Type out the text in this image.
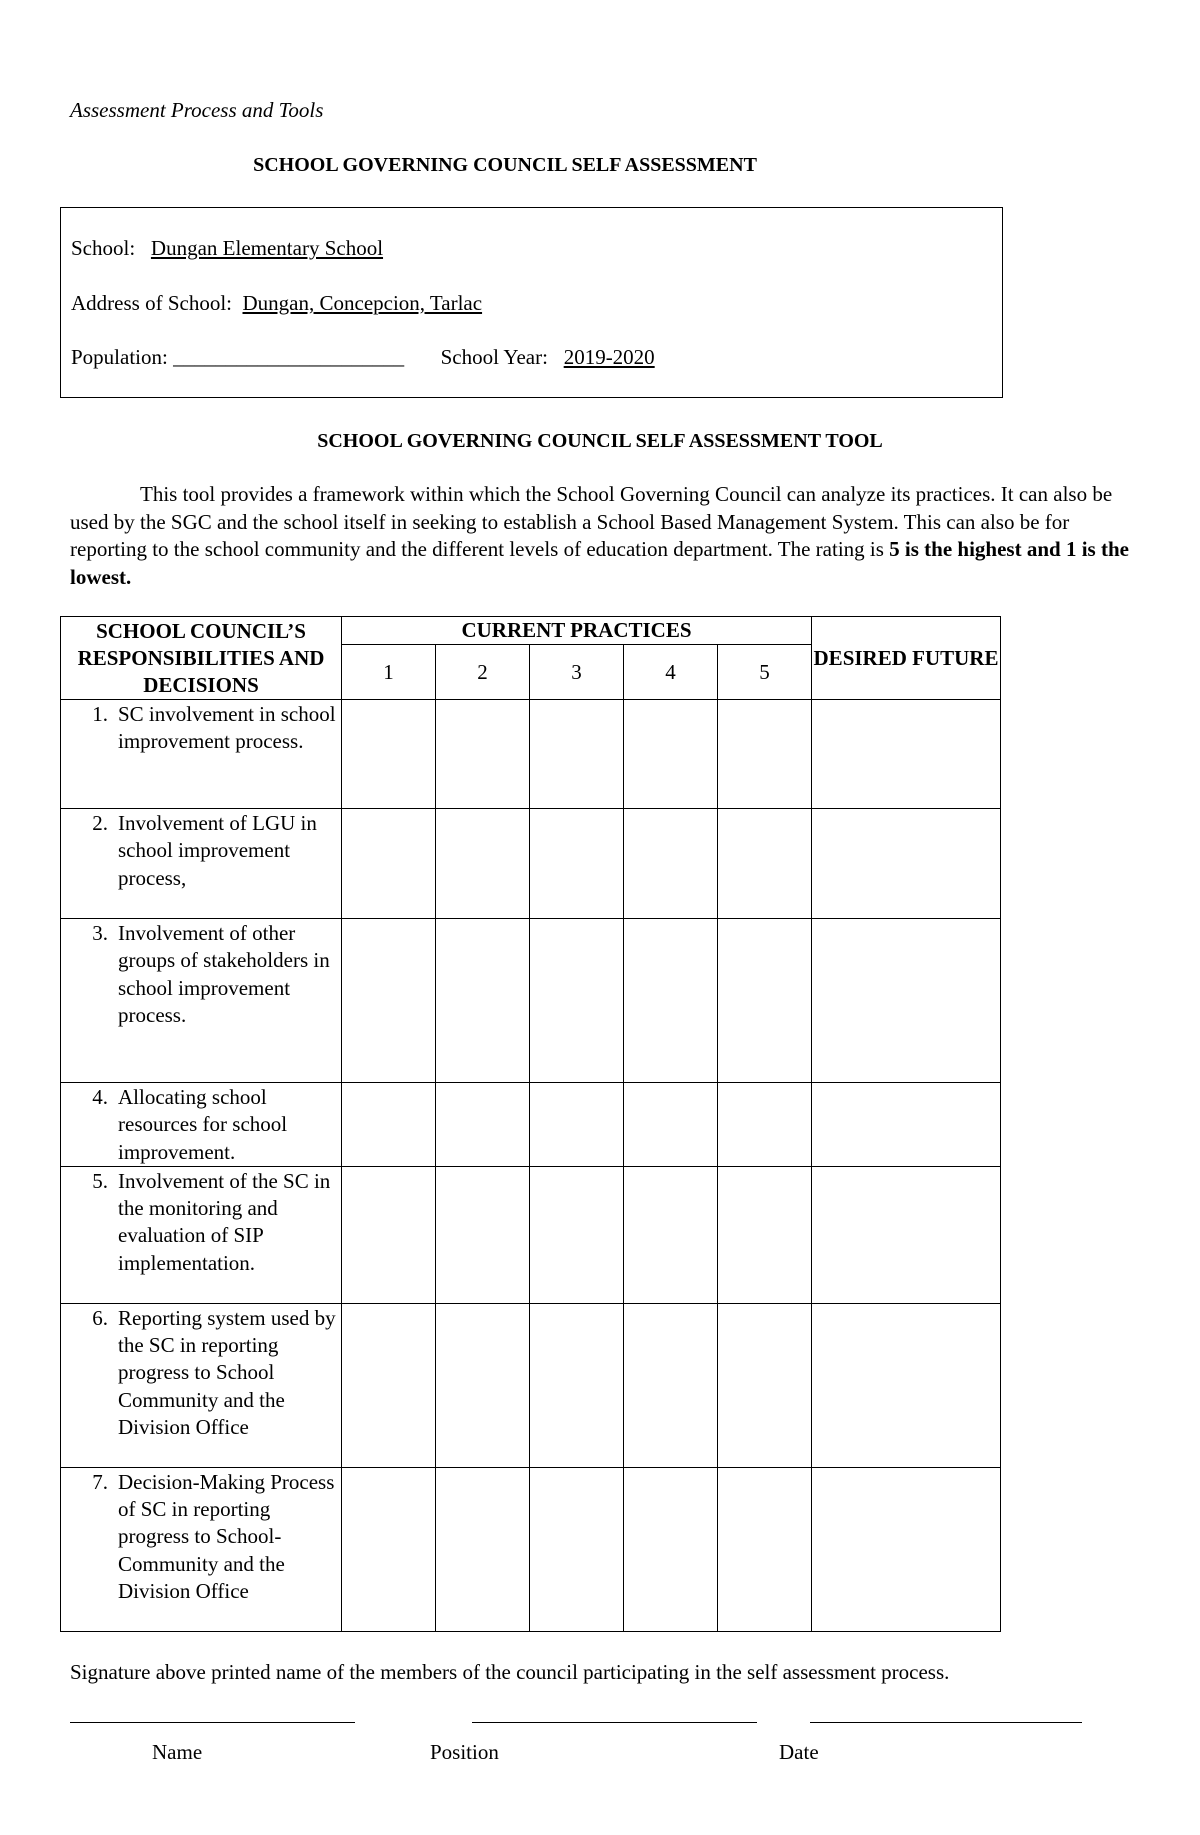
Assessment Process and Tools
SCHOOL GOVERNING COUNCIL SELF ASSESSMENT
School: Dungan Elementary School
Address of School: Dungan, Concepcion, Tarlac
Population: ______________________ School Year: 2019-2020
SCHOOL GOVERNING COUNCIL SELF ASSESSMENT TOOL
This tool provides a framework within which the School Governing Council can analyze its practices. It can also be used by the SGC and the school itself in seeking to establish a School Based Management System. This can also be for reporting to the school community and the different levels of education department. The rating is 5 is the highest and 1 is the lowest.
SCHOOL COUNCIL’S RESPONSIBILITIES AND DECISIONS	CURRENT PRACTICES					DESIRED FUTURE
	1	2	3	4	5	

1. SC involvement in school improvement process.						

2. Involvement of LGU in school improvement process,						

3. Involvement of other groups of stakeholders in school improvement process.						

4. Allocating school resources for school improvement.						

5. Involvement of the SC in the monitoring and evaluation of SIP implementation.						

6. Reporting system used by the SC in reporting progress to School Community and the Division Office						

7. Decision-Making Process of SC in reporting progress to School-Community and the Division Office						

Signature above printed name of the members of the council participating in the self assessment process.
Name	Position	Date
